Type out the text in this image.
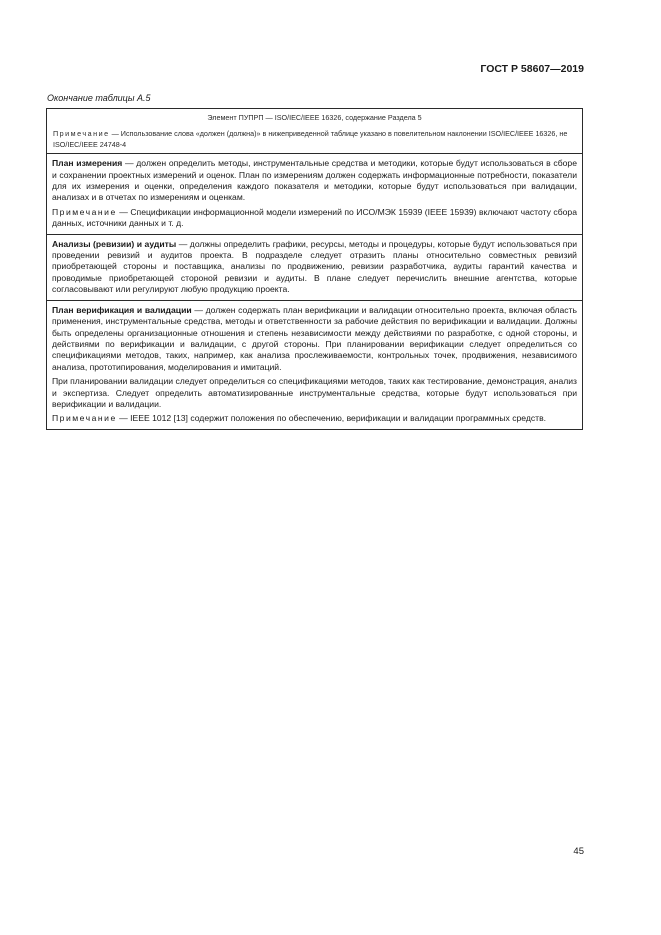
ГОСТ Р 58607—2019
Окончание таблицы А.5
Элемент ПУПРП — ISO/IEC/IEEE 16326, содержание Раздела 5
Примечание — Использование слова «должен (должна)» в нижеприведенной таблице указано в повелительном наклонении ISO/IEC/IEEE 16326, не ISO/IEC/IEEE 24748-4

План измерения — должен определить методы, инструментальные средства и методики, которые будут использоваться в сборе и сохранении проектных измерений и оценок. План по измерениям должен содержать информационные потребности, показатели для их измерения и оценки, определения каждого показателя и методики, которые будут использоваться при валидации, анализах и в отчетах по измерениям и оценкам.

Примечание — Спецификации информационной модели измерений по ИСО/МЭК 15939 (IEEE 15939) включают частоту сбора данных, источники данных и т. д.

Анализы (ревизии) и аудиты — должны определить графики, ресурсы, методы и процедуры, которые будут использоваться при проведении ревизий и аудитов проекта. В подразделе следует отразить планы относительно совместных ревизий приобретающей стороны и поставщика, анализы по продвижению, ревизии разработчика, аудиты гарантий качества и проводимые приобретающей стороной ревизии и аудиты. В плане следует перечислить внешние агентства, которые согласовывают или регулируют любую продукцию проекта.

План верификация и валидации — должен содержать план верификации и валидации относительно проекта, включая область применения, инструментальные средства, методы и ответственности за рабочие действия по верификации и валидации. Должны быть определены организационные отношения и степень независимости между действиями по разработке, с одной стороны, и действиями по верификации и валидации, с другой стороны. При планировании верификации следует определиться со спецификациями методов, таких, например, как анализа прослеживаемости, контрольных точек, продвижения, независимого анализа, прототипирования, моделирования и имитаций.

При планировании валидации следует определиться со спецификациями методов, таких как тестирование, демонстрация, анализ и экспертиза. Следует определить автоматизированные инструментальные средства, которые будут использоваться при верификации и валидации.

Примечание — IEEE 1012 [13] содержит положения по обеспечению, верификации и валидации программных средств.

45
